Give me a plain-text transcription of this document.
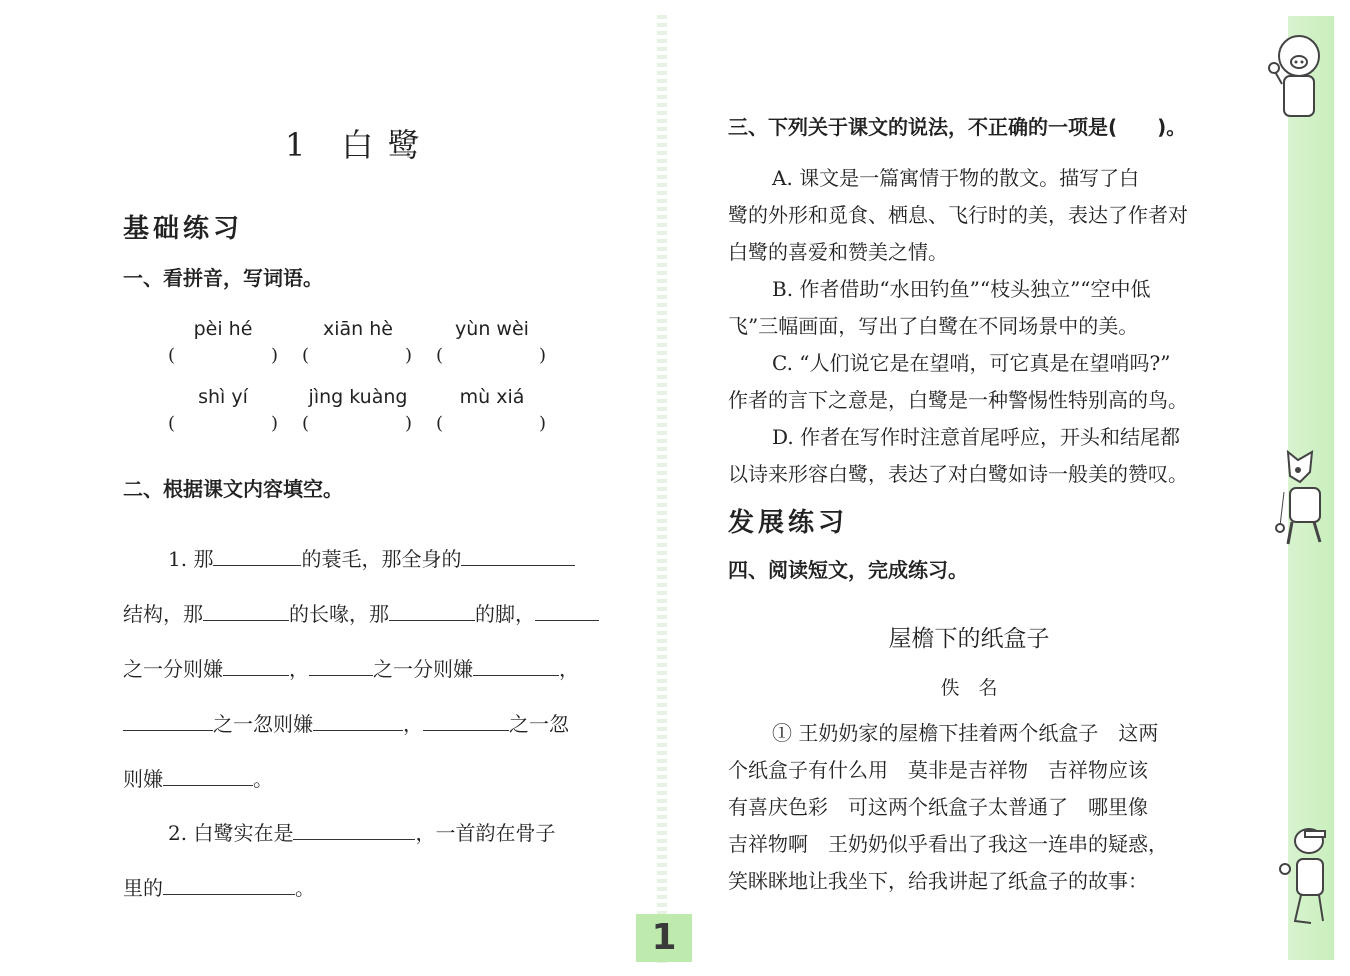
1 白 鹭
基础练习
一、看拼音，写词语。
pèi hé	xiān hè	yùn wèi
(	) (	) (	)
shì yí	jìng kuàng	mù xiá
(	) (	) (	)
二、根据课文内容填空。
1. 那	的蓑毛，那全身的
结构，那	的长喙，那	的脚，
之一分则嫌	，	之一分则嫌	，
之一忽则嫌	，	之一忽
则嫌	。
2. 白鹭实在是	，一首韵在骨子
里的	。
三、下列关于课文的说法，不正确的一项是(　　)。
A. 课文是一篇寓情于物的散文。描写了白
鹭的外形和觅食、栖息、飞行时的美，表达了作者对
白鹭的喜爱和赞美之情。
B. 作者借助“水田钓鱼”“枝头独立”“空中低
飞”三幅画面，写出了白鹭在不同场景中的美。
C. “人们说它是在望哨，可它真是在望哨吗?”
作者的言下之意是，白鹭是一种警惕性特别高的鸟。
D. 作者在写作时注意首尾呼应，开头和结尾都
以诗来形容白鹭，表达了对白鹭如诗一般美的赞叹。
发展练习
四、阅读短文，完成练习。
屋檐下的纸盒子
佚　名
① 王奶奶家的屋檐下挂着两个纸盒子　这两
个纸盒子有什么用　莫非是吉祥物　吉祥物应该
有喜庆色彩　可这两个纸盒子太普通了　哪里像
吉祥物啊　王奶奶似乎看出了我这一连串的疑惑，
笑眯眯地让我坐下，给我讲起了纸盒子的故事：
1
